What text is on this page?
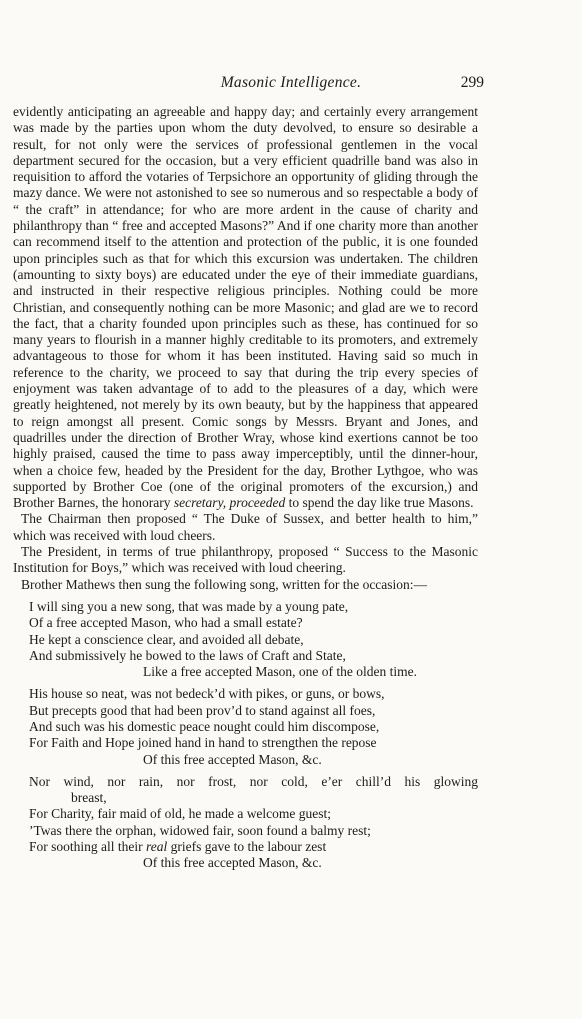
Masonic Intelligence.	299

evidently anticipating an agreeable and happy day; and certainly every arrangement was made by the parties upon whom the duty devolved, to ensure so desirable a result, for not only were the services of professional gentlemen in the vocal department secured for the occasion, but a very efficient quadrille band was also in requisition to afford the votaries of Terpsichore an opportunity of gliding through the mazy dance. We were not astonished to see so numerous and so respectable a body of “ the craft” in attendance; for who are more ardent in the cause of charity and philanthropy than “ free and accepted Masons?” And if one charity more than another can recommend itself to the attention and protection of the public, it is one founded upon principles such as that for which this excursion was undertaken. The children (amounting to sixty boys) are educated under the eye of their immediate guardians, and instructed in their respective religious principles. Nothing could be more Christian, and consequently nothing can be more Masonic; and glad are we to record the fact, that a charity founded upon principles such as these, has continued for so many years to flourish in a manner highly creditable to its promoters, and extremely advantageous to those for whom it has been instituted. Having said so much in reference to the charity, we proceed to say that during the trip every species of enjoyment was taken advantage of to add to the pleasures of a day, which were greatly heightened, not merely by its own beauty, but by the happiness that appeared to reign amongst all present. Comic songs by Messrs. Bryant and Jones, and quadrilles under the direction of Brother Wray, whose kind exertions cannot be too highly praised, caused the time to pass away imperceptibly, until the dinner-hour, when a choice few, headed by the President for the day, Brother Lythgoe, who was supported by Brother Coe (one of the original promoters of the excursion,) and Brother Barnes, the honorary secretary, proceeded to spend the day like true Masons.

The Chairman then proposed “ The Duke of Sussex, and better health to him,” which was received with loud cheers.

The President, in terms of true philanthropy, proposed “ Success to the Masonic Institution for Boys,” which was received with loud cheering.

Brother Mathews then sung the following song, written for the occasion:—

I will sing you a new song, that was made by a young pate,
Of a free accepted Mason, who had a small estate?
He kept a conscience clear, and avoided all debate,
And submissively he bowed to the laws of Craft and State,
Like a free accepted Mason, one of the olden time.
His house so neat, was not bedeck’d with pikes, or guns, or bows,
But precepts good that had been prov’d to stand against all foes,
And such was his domestic peace nought could him discompose,
For Faith and Hope joined hand in hand to strengthen the repose
Of this free accepted Mason, &c.
Nor wind, nor rain, nor frost, nor cold, e’er chill’d his glowing
breast,
For Charity, fair maid of old, he made a welcome guest;
’Twas there the orphan, widowed fair, soon found a balmy rest;
For soothing all their real griefs gave to the labour zest
Of this free accepted Mason, &c.
